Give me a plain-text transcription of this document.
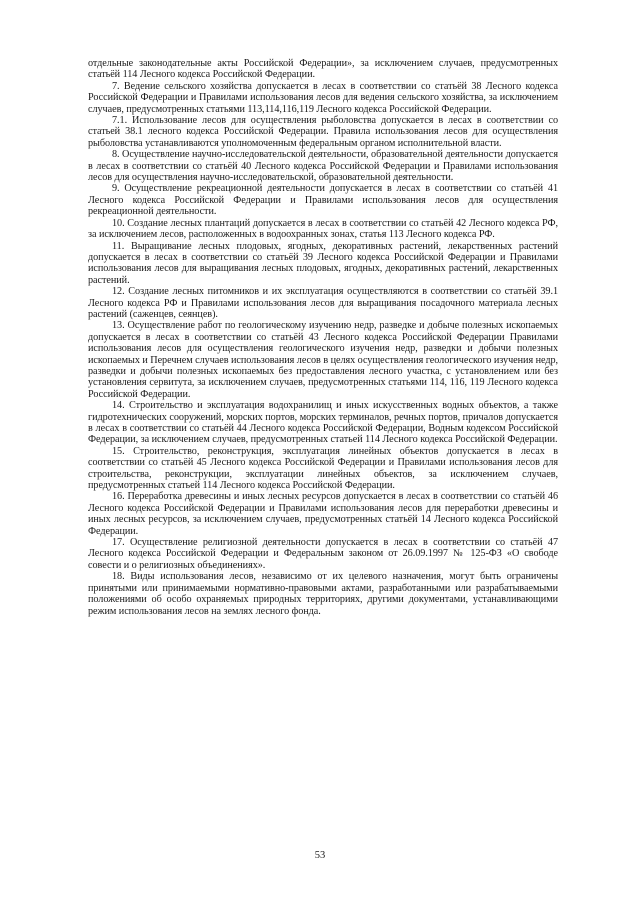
отдельные законодательные акты Российской Федерации», за исключением случаев, предусмотренных статьёй 114 Лесного кодекса Российской Федерации.

7. Ведение сельского хозяйства допускается в лесах в соответствии со статьёй 38 Лесного кодекса Российской Федерации и Правилами использования лесов для ведения сельского хозяйства, за исключением случаев, предусмотренных статьями 113,114,116,119 Лесного кодекса Российской Федерации.

7.1. Использование лесов для осуществления рыболовства допускается в лесах в соответствии со статьей 38.1 лесного кодекса Российской Федерации. Правила использования лесов для осуществления рыболовства устанавливаются уполномоченным федеральным органом исполнительной власти.

8. Осуществление научно-исследовательской деятельности, образовательной деятельности допускается в лесах в соответствии со статьёй 40 Лесного кодекса Российской Федерации и Правилами использования лесов для осуществления научно-исследовательской, образовательной деятельности.

9. Осуществление рекреационной деятельности допускается в лесах в соответствии со статьёй 41 Лесного кодекса Российской Федерации и Правилами использования лесов для осуществления рекреационной деятельности.

10. Создание лесных плантаций допускается в лесах в соответствии со статьёй 42 Лесного кодекса РФ, за исключением лесов, расположенных в водоохранных зонах, статья 113 Лесного кодекса РФ.

11. Выращивание лесных плодовых, ягодных, декоративных растений, лекарственных растений допускается в лесах в соответствии со статьёй 39 Лесного кодекса Российской Федерации и Правилами использования лесов для выращивания лесных плодовых, ягодных, декоративных растений, лекарственных растений.

12. Создание лесных питомников и их эксплуатация осуществляются в соответствии со статьёй 39.1 Лесного кодекса РФ и Правилами использования лесов для выращивания посадочного материала лесных растений (саженцев, сеянцев).

13. Осуществление работ по геологическому изучению недр, разведке и добыче полезных ископаемых допускается в лесах в соответствии со статьёй 43 Лесного кодекса Российской Федерации Правилами использования лесов для осуществления геологического изучения недр, разведки и добычи полезных ископаемых и Перечнем случаев использования лесов в целях осуществления геологического изучения недр, разведки и добычи полезных ископаемых без предоставления лесного участка, с установлением или без установления сервитута, за исключением случаев, предусмотренных статьями 114, 116, 119 Лесного кодекса Российской Федерации.

14. Строительство и эксплуатация водохранилищ и иных искусственных водных объектов, а также гидротехнических сооружений, морских портов, морских терминалов, речных портов, причалов допускается в лесах в соответствии со статьёй 44 Лесного кодекса Российской Федерации, Водным кодексом Российской Федерации, за исключением случаев, предусмотренных статьей 114 Лесного кодекса Российской Федерации.

15. Строительство, реконструкция, эксплуатация линейных объектов допускается в лесах в соответствии со статьёй 45 Лесного кодекса Российской Федерации и Правилами использования лесов для строительства, реконструкции, эксплуатации линейных объектов, за исключением случаев, предусмотренных статьей 114 Лесного кодекса Российской Федерации.

16. Переработка древесины и иных лесных ресурсов допускается в лесах в соответствии со статьёй 46 Лесного кодекса Российской Федерации и Правилами использования лесов для переработки древесины и иных лесных ресурсов, за исключением случаев, предусмотренных статьёй 14 Лесного кодекса Российской Федерации.

17. Осуществление религиозной деятельности допускается в лесах в соответствии со статьёй 47 Лесного кодекса Российской Федерации и Федеральным законом от 26.09.1997 № 125-ФЗ «О свободе совести и о религиозных объединениях».

18. Виды использования лесов, независимо от их целевого назначения, могут быть ограничены принятыми или принимаемыми нормативно-правовыми актами, разработанными или разрабатываемыми положениями об особо охраняемых природных территориях, другими документами, устанавливающими режим использования лесов на землях лесного фонда.

53
